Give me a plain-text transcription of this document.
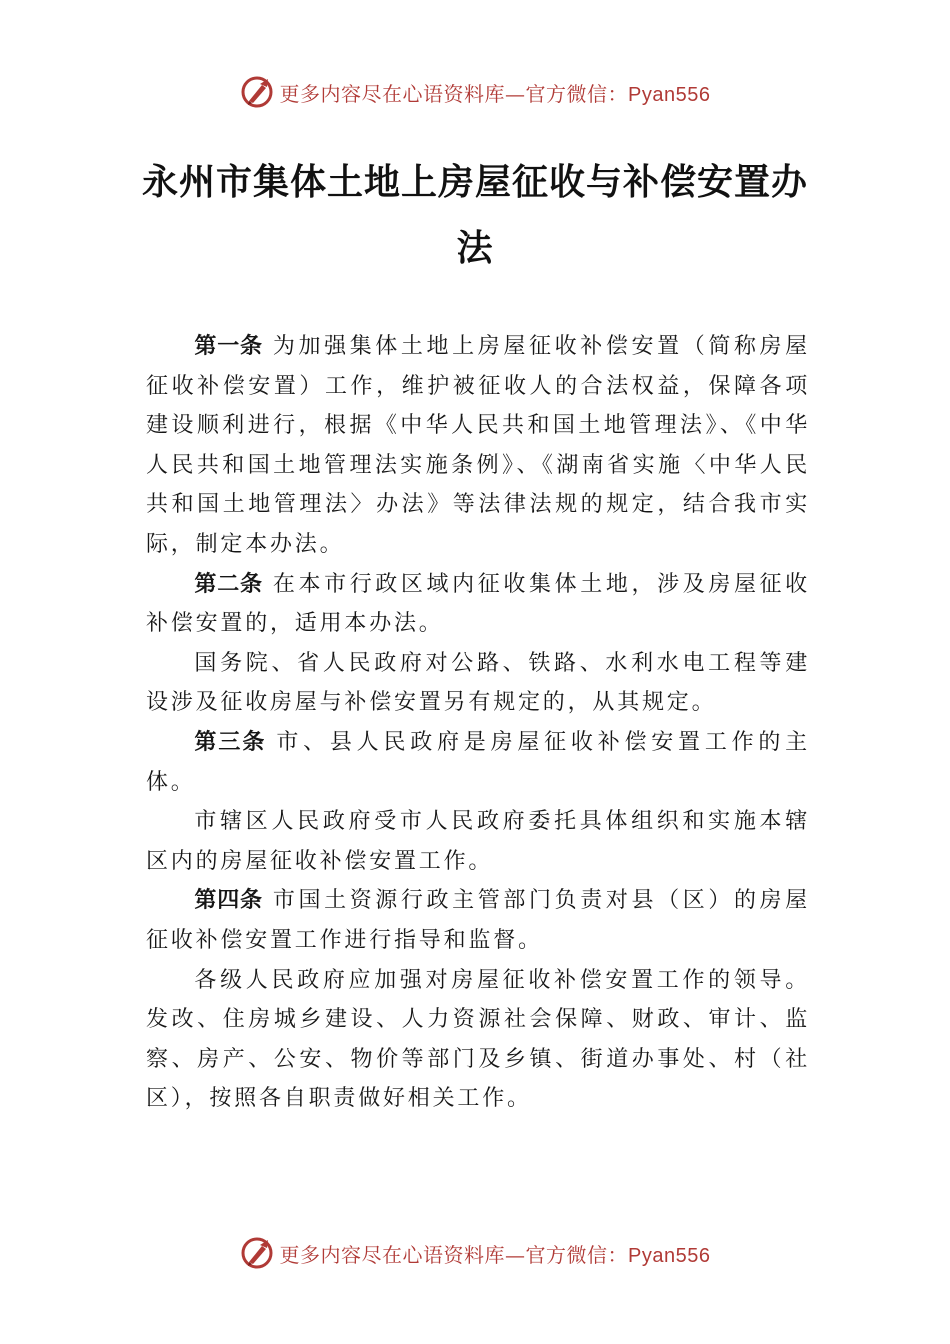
更多内容尽在心语资料库—官方微信：Pyan556
永州市集体土地上房屋征收与补偿安置办法

第一条 为加强集体土地上房屋征收补偿安置（简称房屋征收补偿安置）工作，维护被征收人的合法权益，保障各项建设顺利进行，根据《中华人民共和国土地管理法》、《中华人民共和国土地管理法实施条例》、《湖南省实施〈中华人民共和国土地管理法〉办法》等法律法规的规定，结合我市实际，制定本办法。

第二条 在本市行政区域内征收集体土地，涉及房屋征收补偿安置的，适用本办法。

国务院、省人民政府对公路、铁路、水利水电工程等建设涉及征收房屋与补偿安置另有规定的，从其规定。

第三条 市、县人民政府是房屋征收补偿安置工作的主体。

市辖区人民政府受市人民政府委托具体组织和实施本辖区内的房屋征收补偿安置工作。

第四条 市国土资源行政主管部门负责对县（区）的房屋征收补偿安置工作进行指导和监督。

各级人民政府应加强对房屋征收补偿安置工作的领导。发改、住房城乡建设、人力资源社会保障、财政、审计、监察、房产、公安、物价等部门及乡镇、街道办事处、村（社区），按照各自职责做好相关工作。

更多内容尽在心语资料库—官方微信：Pyan556
